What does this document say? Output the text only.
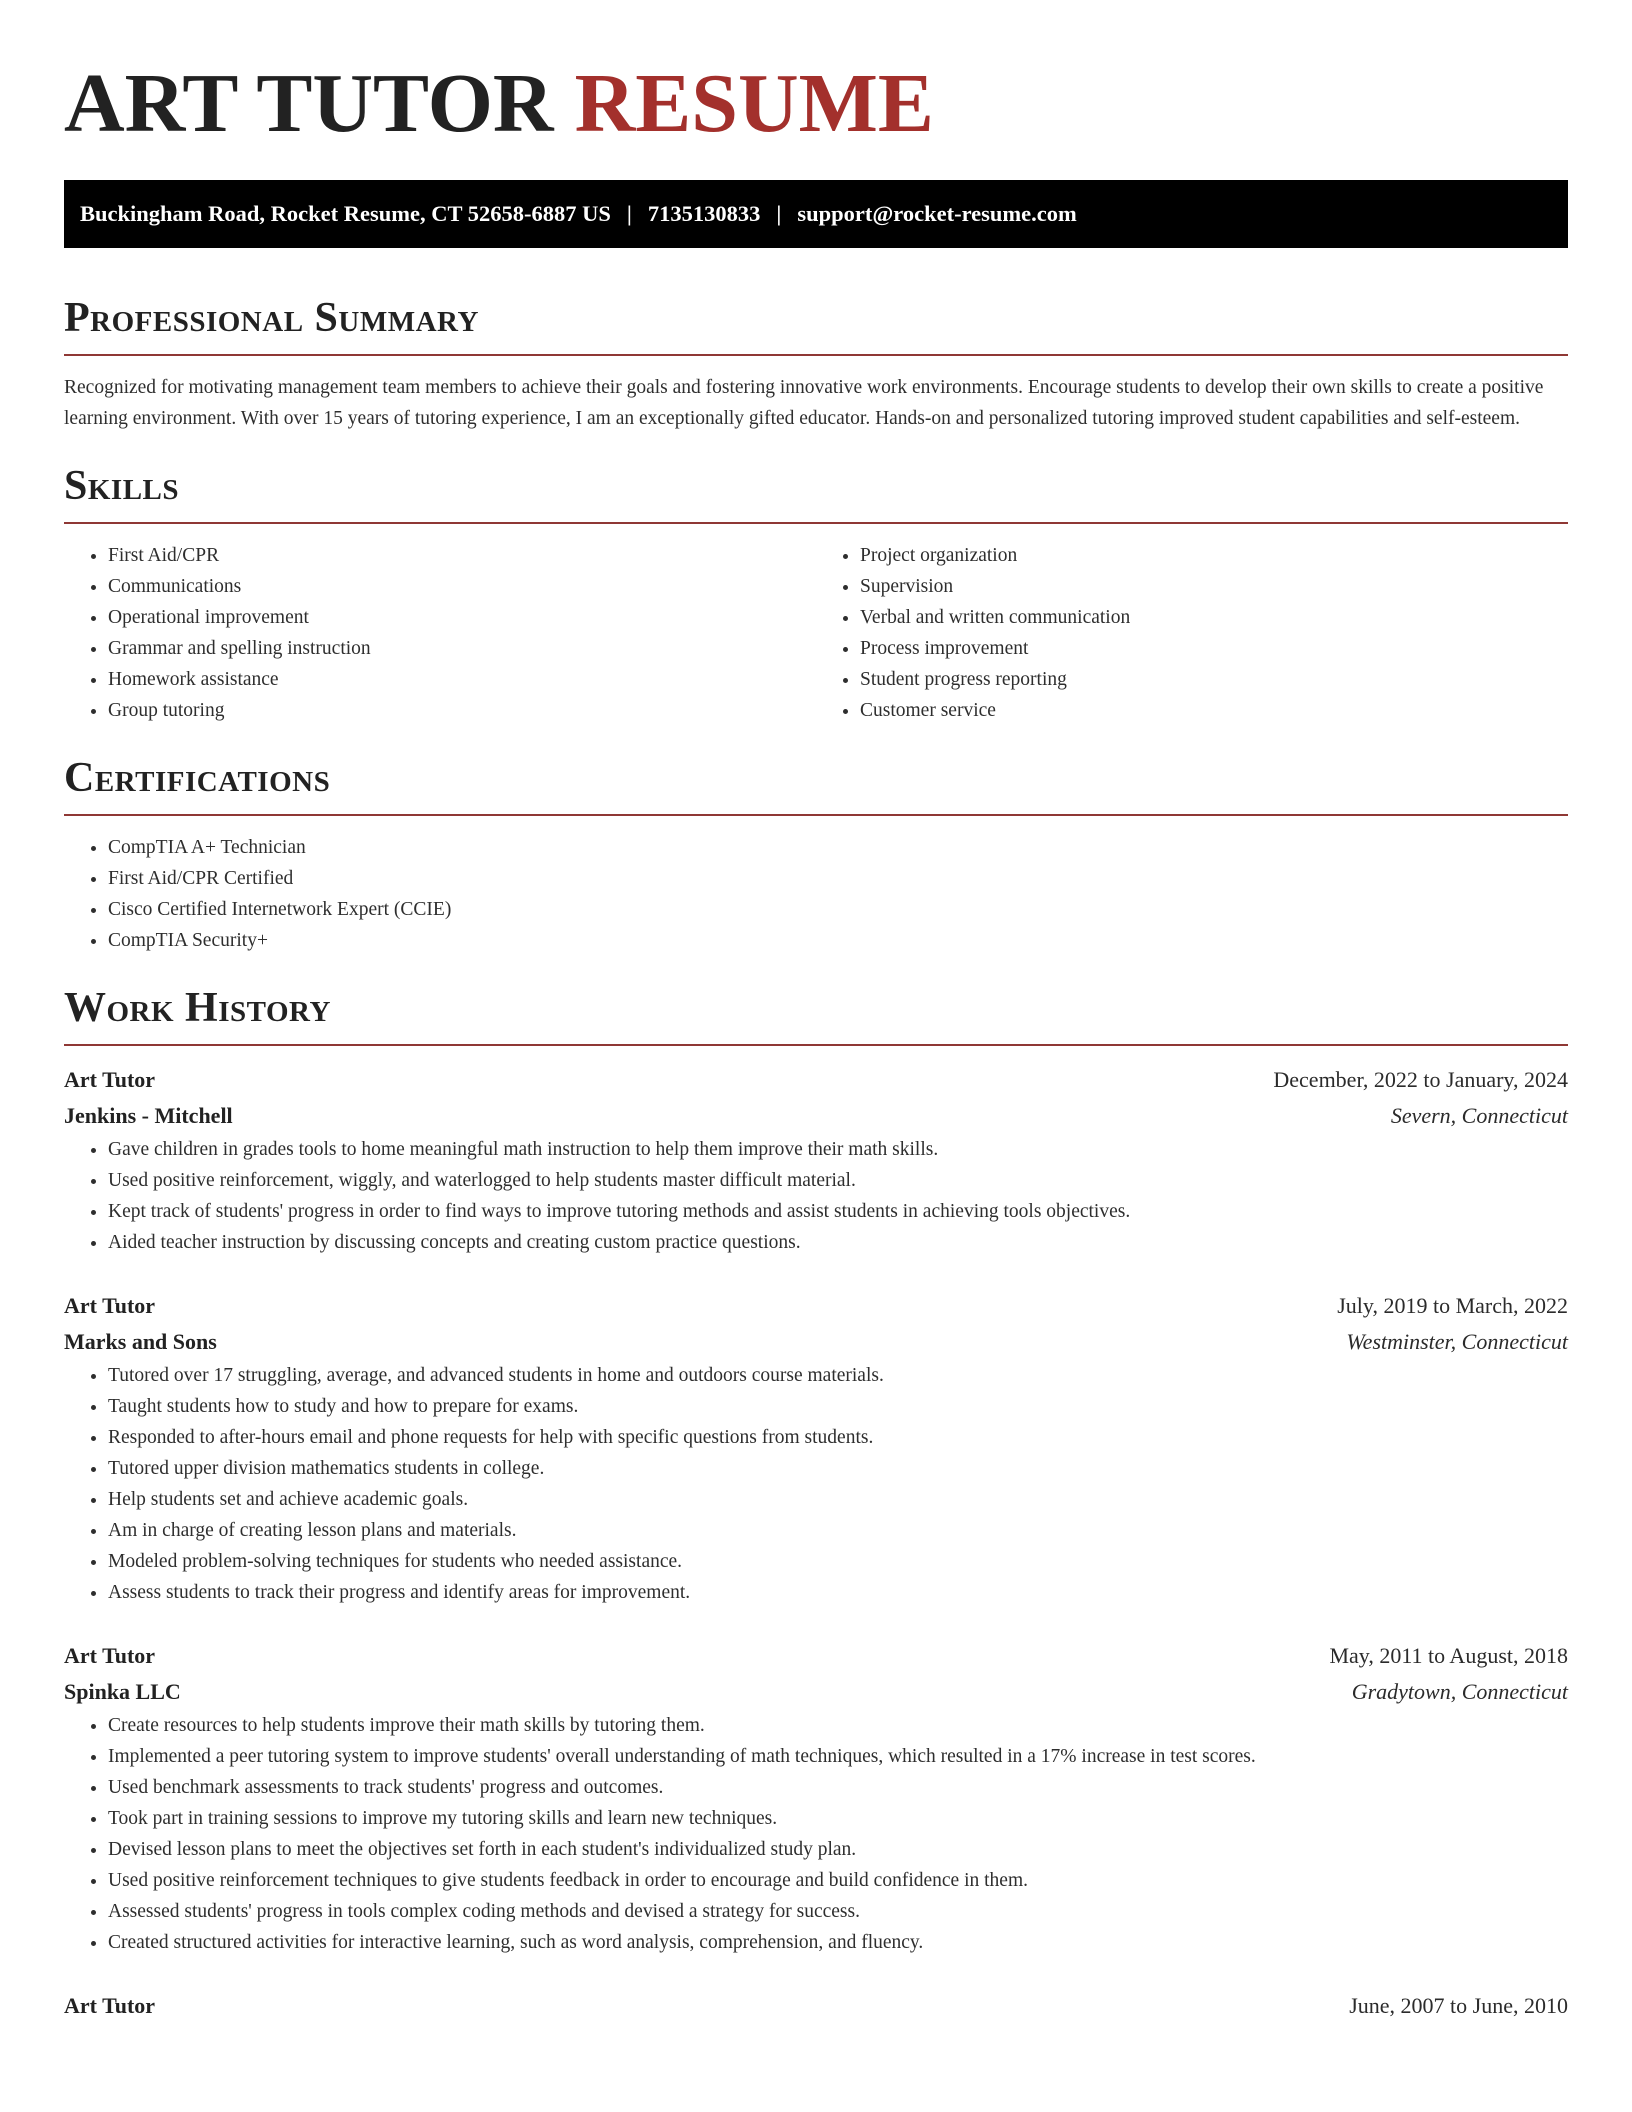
ART TUTOR RESUME
Buckingham Road, Rocket Resume, CT 52658-6887 US | 7135130833 | support@rocket-resume.com
Professional Summary

Recognized for motivating management team members to achieve their goals and fostering innovative work environments. Encourage students to develop their own skills to create a positive learning environment. With over 15 years of tutoring experience, I am an exceptionally gifted educator. Hands-on and personalized tutoring improved student capabilities and self-esteem.

Skills
• First Aid/CPR
• Communications
• Operational improvement
• Grammar and spelling instruction
• Homework assistance
• Group tutoring
• Project organization
• Supervision
• Verbal and written communication
• Process improvement
• Student progress reporting
• Customer service
Certifications
• CompTIA A+ Technician
• First Aid/CPR Certified
• Cisco Certified Internetwork Expert (CCIE)
• CompTIA Security+
Work History
Art Tutor	December, 2022 to January, 2024
Jenkins - Mitchell	Severn, Connecticut
• Gave children in grades tools to home meaningful math instruction to help them improve their math skills.
• Used positive reinforcement, wiggly, and waterlogged to help students master difficult material.
• Kept track of students' progress in order to find ways to improve tutoring methods and assist students in achieving tools objectives.
• Aided teacher instruction by discussing concepts and creating custom practice questions.
Art Tutor	July, 2019 to March, 2022
Marks and Sons	Westminster, Connecticut
• Tutored over 17 struggling, average, and advanced students in home and outdoors course materials.
• Taught students how to study and how to prepare for exams.
• Responded to after-hours email and phone requests for help with specific questions from students.
• Tutored upper division mathematics students in college.
• Help students set and achieve academic goals.
• Am in charge of creating lesson plans and materials.
• Modeled problem-solving techniques for students who needed assistance.
• Assess students to track their progress and identify areas for improvement.
Art Tutor	May, 2011 to August, 2018
Spinka LLC	Gradytown, Connecticut
• Create resources to help students improve their math skills by tutoring them.
• Implemented a peer tutoring system to improve students' overall understanding of math techniques, which resulted in a 17% increase in test scores.
• Used benchmark assessments to track students' progress and outcomes.
• Took part in training sessions to improve my tutoring skills and learn new techniques.
• Devised lesson plans to meet the objectives set forth in each student's individualized study plan.
• Used positive reinforcement techniques to give students feedback in order to encourage and build confidence in them.
• Assessed students' progress in tools complex coding methods and devised a strategy for success.
• Created structured activities for interactive learning, such as word analysis, comprehension, and fluency.
Art Tutor	June, 2007 to June, 2010
